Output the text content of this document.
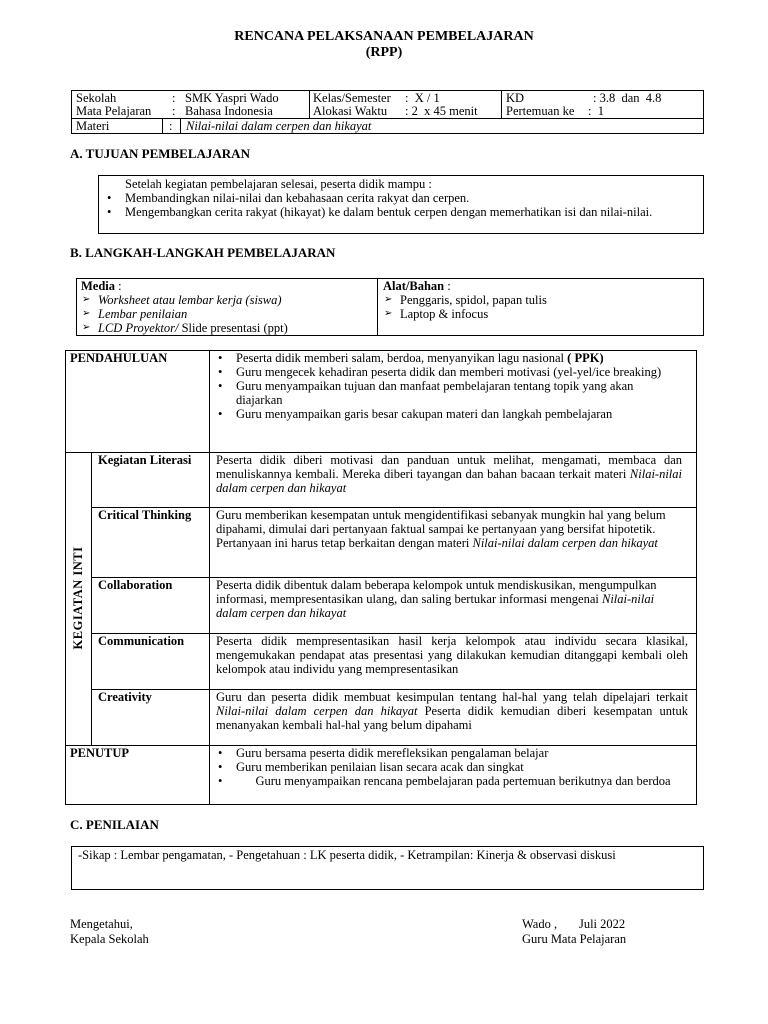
RENCANA PELAKSANAAN PEMBELAJARAN
(RPP)
Sekolah	: SMK Yaspri Wado
Mata Pelajaran : Bahasa Indonesia
Kelas/Semester :  X / 1
Alokasi Waktu : 2  x 45 menit
KD	: 3.8  dan  4.8
Pertemuan ke :  1
Materi	: Nilai-nilai dalam cerpen dan hikayat
A. TUJUAN PEMBELAJARAN
Setelah kegiatan pembelajaran selesai, peserta didik mampu :
• Membandingkan nilai-nilai dan kebahasaan cerita rakyat dan cerpen.
• Mengembangkan cerita rakyat (hikayat) ke dalam bentuk cerpen dengan memerhatikan isi dan nilai-nilai.
B. LANGKAH-LANGKAH PEMBELAJARAN
Media :
➢ Worksheet atau lembar kerja (siswa)
➢ Lembar penilaian
➢ LCD Proyektor/ Slide presentasi (ppt)
Alat/Bahan :
➢ Penggaris, spidol, papan tulis
➢ Laptop & infocus
PENDAHULUAN	• Peserta didik memberi salam, berdoa, menyanyikan lagu nasional ( PPK)
• Guru mengecek kehadiran peserta didik dan memberi motivasi (yel-yel/ice breaking)
• Guru menyampaikan tujuan dan manfaat pembelajaran tentang topik yang akan diajarkan
• Guru menyampaikan garis besar cakupan materi dan langkah pembelajaran
KEGIATAN INTI
Kegiatan Literasi Peserta didik diberi motivasi dan panduan untuk melihat, mengamati, membaca dan menuliskannya kembali. Mereka diberi tayangan dan bahan bacaan terkait materi Nilai-nilai dalam cerpen dan hikayat
Critical Thinking Guru memberikan kesempatan untuk mengidentifikasi sebanyak mungkin hal yang belum dipahami, dimulai dari pertanyaan faktual sampai ke pertanyaan yang bersifat hipotetik. Pertanyaan ini harus tetap berkaitan dengan materi Nilai-nilai dalam cerpen dan hikayat
Collaboration	Peserta didik dibentuk dalam beberapa kelompok untuk mendiskusikan, mengumpulkan informasi, mempresentasikan ulang, dan saling bertukar informasi mengenai Nilai-nilai dalam cerpen dan hikayat
Communication	Peserta didik mempresentasikan hasil kerja kelompok atau individu secara klasikal, mengemukakan pendapat atas presentasi yang dilakukan kemudian ditanggapi kembali oleh kelompok atau individu yang mempresentasikan
Creativity	Guru dan peserta didik membuat kesimpulan tentang hal-hal yang telah dipelajari terkait Nilai-nilai dalam cerpen dan hikayat Peserta didik kemudian diberi kesempatan untuk menanyakan kembali hal-hal yang belum dipahami
PENUTUP	• Guru bersama peserta didik merefleksikan pengalaman belajar
• Guru memberikan penilaian lisan secara acak dan singkat
• Guru menyampaikan rencana pembelajaran pada pertemuan berikutnya dan berdoa
C. PENILAIAN
-Sikap : Lembar pengamatan, - Pengetahuan : LK peserta didik, - Ketrampilan: Kinerja & observasi diskusi
Mengetahui,
Kepala Sekolah
Wado ,       Juli 2022
Guru Mata Pelajaran
